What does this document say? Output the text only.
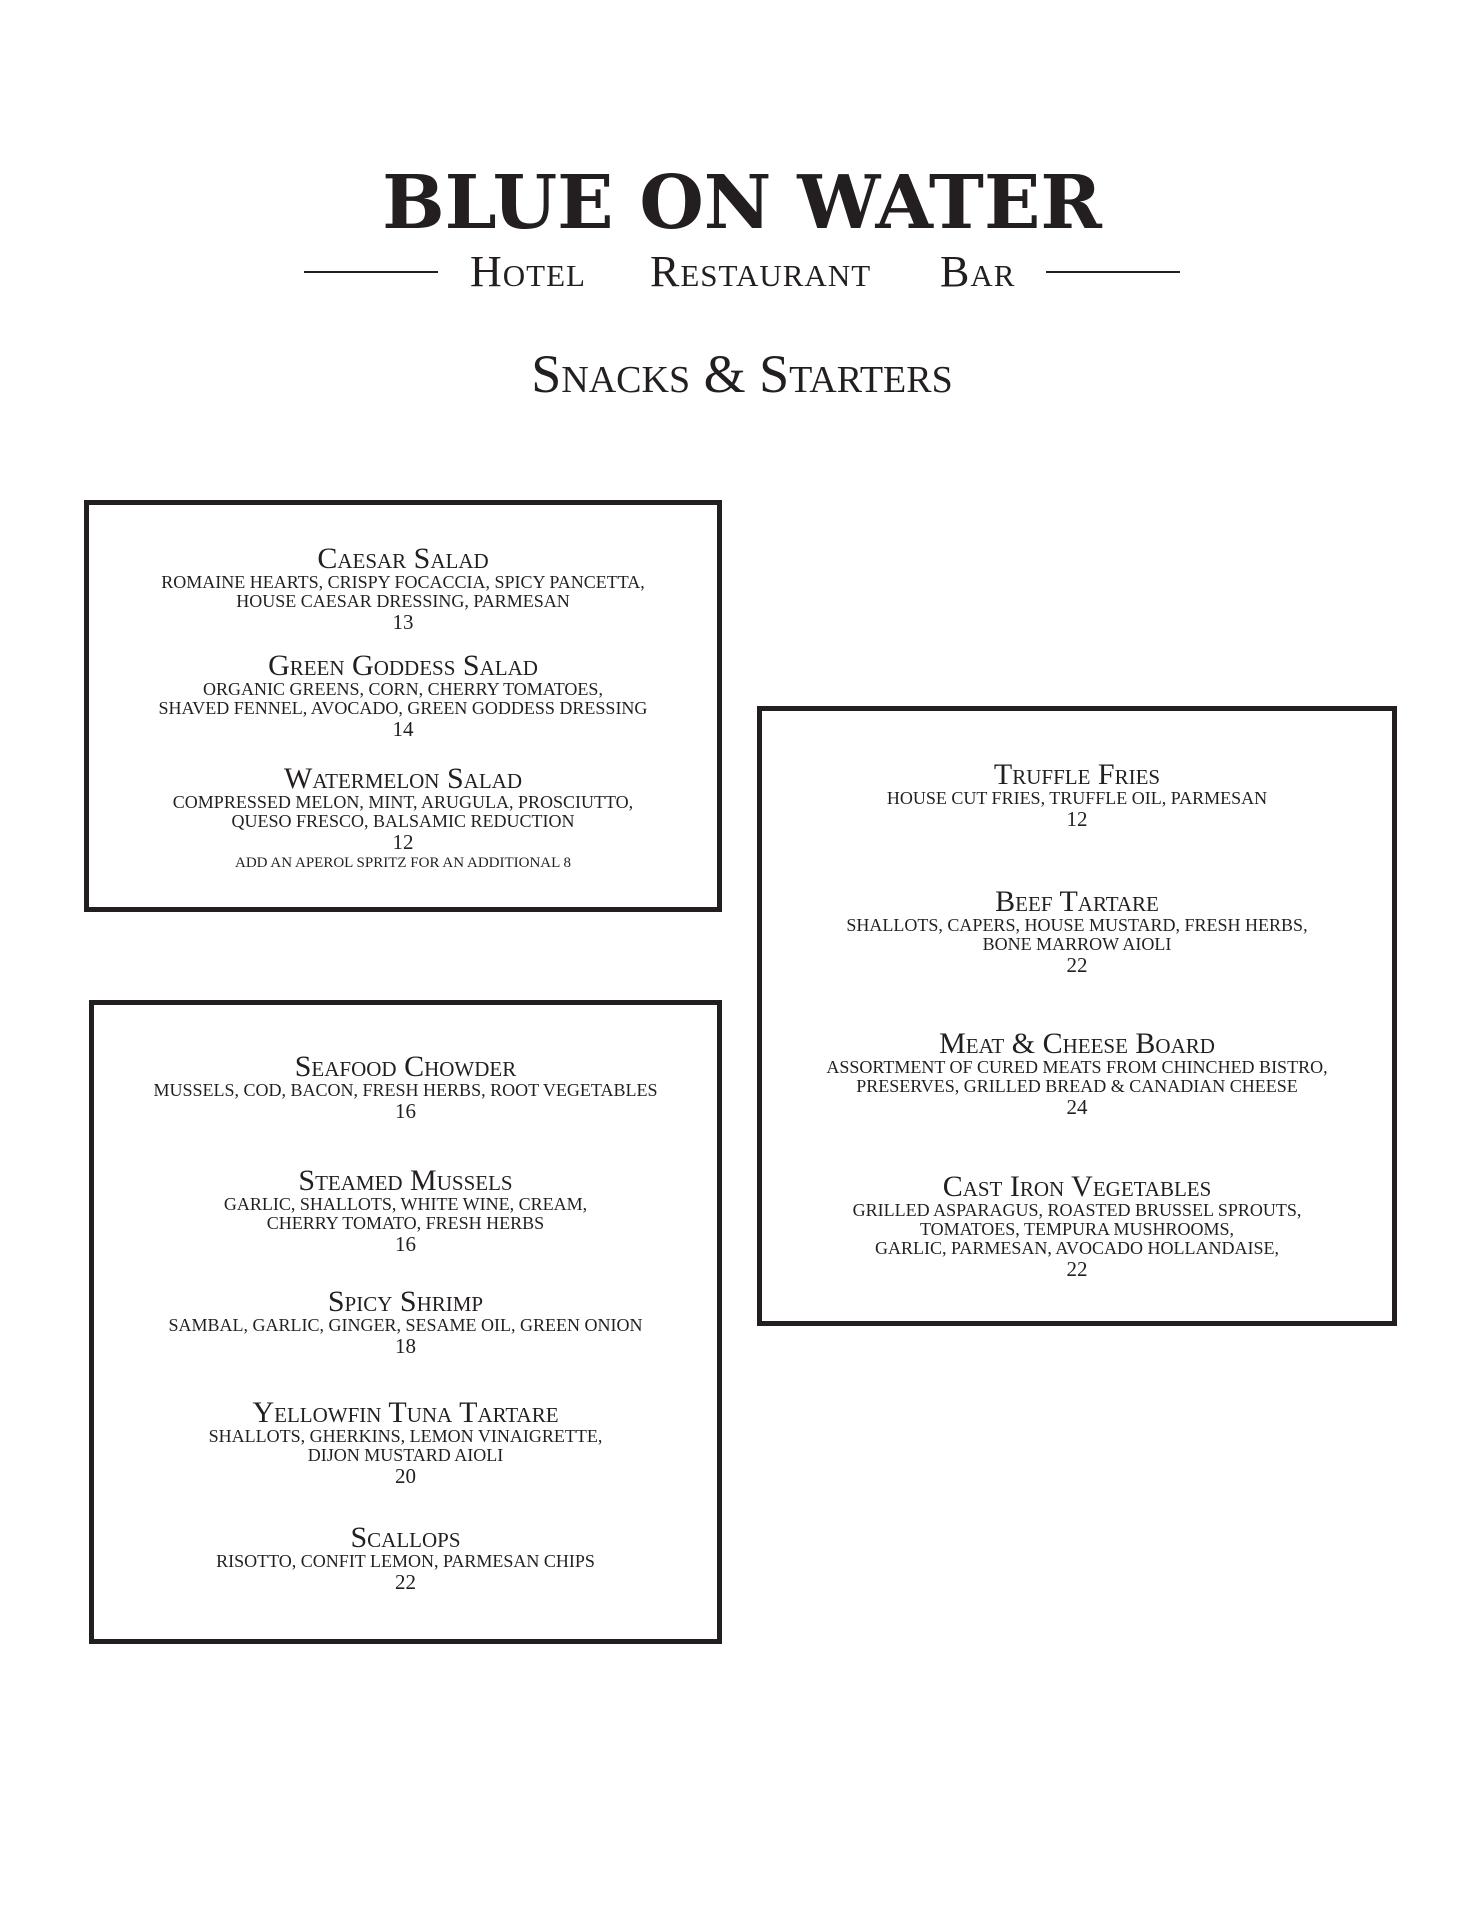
BLUE ON WATER
Hotel Restaurant Bar
Snacks & Starters
Caesar Salad
ROMAINE HEARTS, CRISPY FOCACCIA, SPICY PANCETTA,
HOUSE CAESAR DRESSING, PARMESAN
13
Green Goddess Salad
ORGANIC GREENS, CORN, CHERRY TOMATOES,
SHAVED FENNEL, AVOCADO, GREEN GODDESS DRESSING
14
Watermelon Salad
COMPRESSED MELON, MINT, ARUGULA, PROSCIUTTO,
QUESO FRESCO, BALSAMIC REDUCTION
12
ADD AN APEROL SPRITZ FOR AN ADDITIONAL 8
Seafood Chowder
MUSSELS, COD, BACON, FRESH HERBS, ROOT VEGETABLES
16
Steamed Mussels
GARLIC, SHALLOTS, WHITE WINE, CREAM,
CHERRY TOMATO, FRESH HERBS
16
Spicy Shrimp
SAMBAL, GARLIC, GINGER, SESAME OIL, GREEN ONION
18
Yellowfin Tuna Tartare
SHALLOTS, GHERKINS, LEMON VINAIGRETTE,
DIJON MUSTARD AIOLI
20
Scallops
RISOTTO, CONFIT LEMON, PARMESAN CHIPS
22
Truffle Fries
HOUSE CUT FRIES, TRUFFLE OIL, PARMESAN
12
Beef Tartare
SHALLOTS, CAPERS, HOUSE MUSTARD, FRESH HERBS,
BONE MARROW AIOLI
22
Meat & Cheese Board
ASSORTMENT OF CURED MEATS FROM CHINCHED BISTRO,
PRESERVES, GRILLED BREAD & CANADIAN CHEESE
24
Cast Iron Vegetables
GRILLED ASPARAGUS, ROASTED BRUSSEL SPROUTS,
TOMATOES, TEMPURA MUSHROOMS,
GARLIC, PARMESAN, AVOCADO HOLLANDAISE,
22
